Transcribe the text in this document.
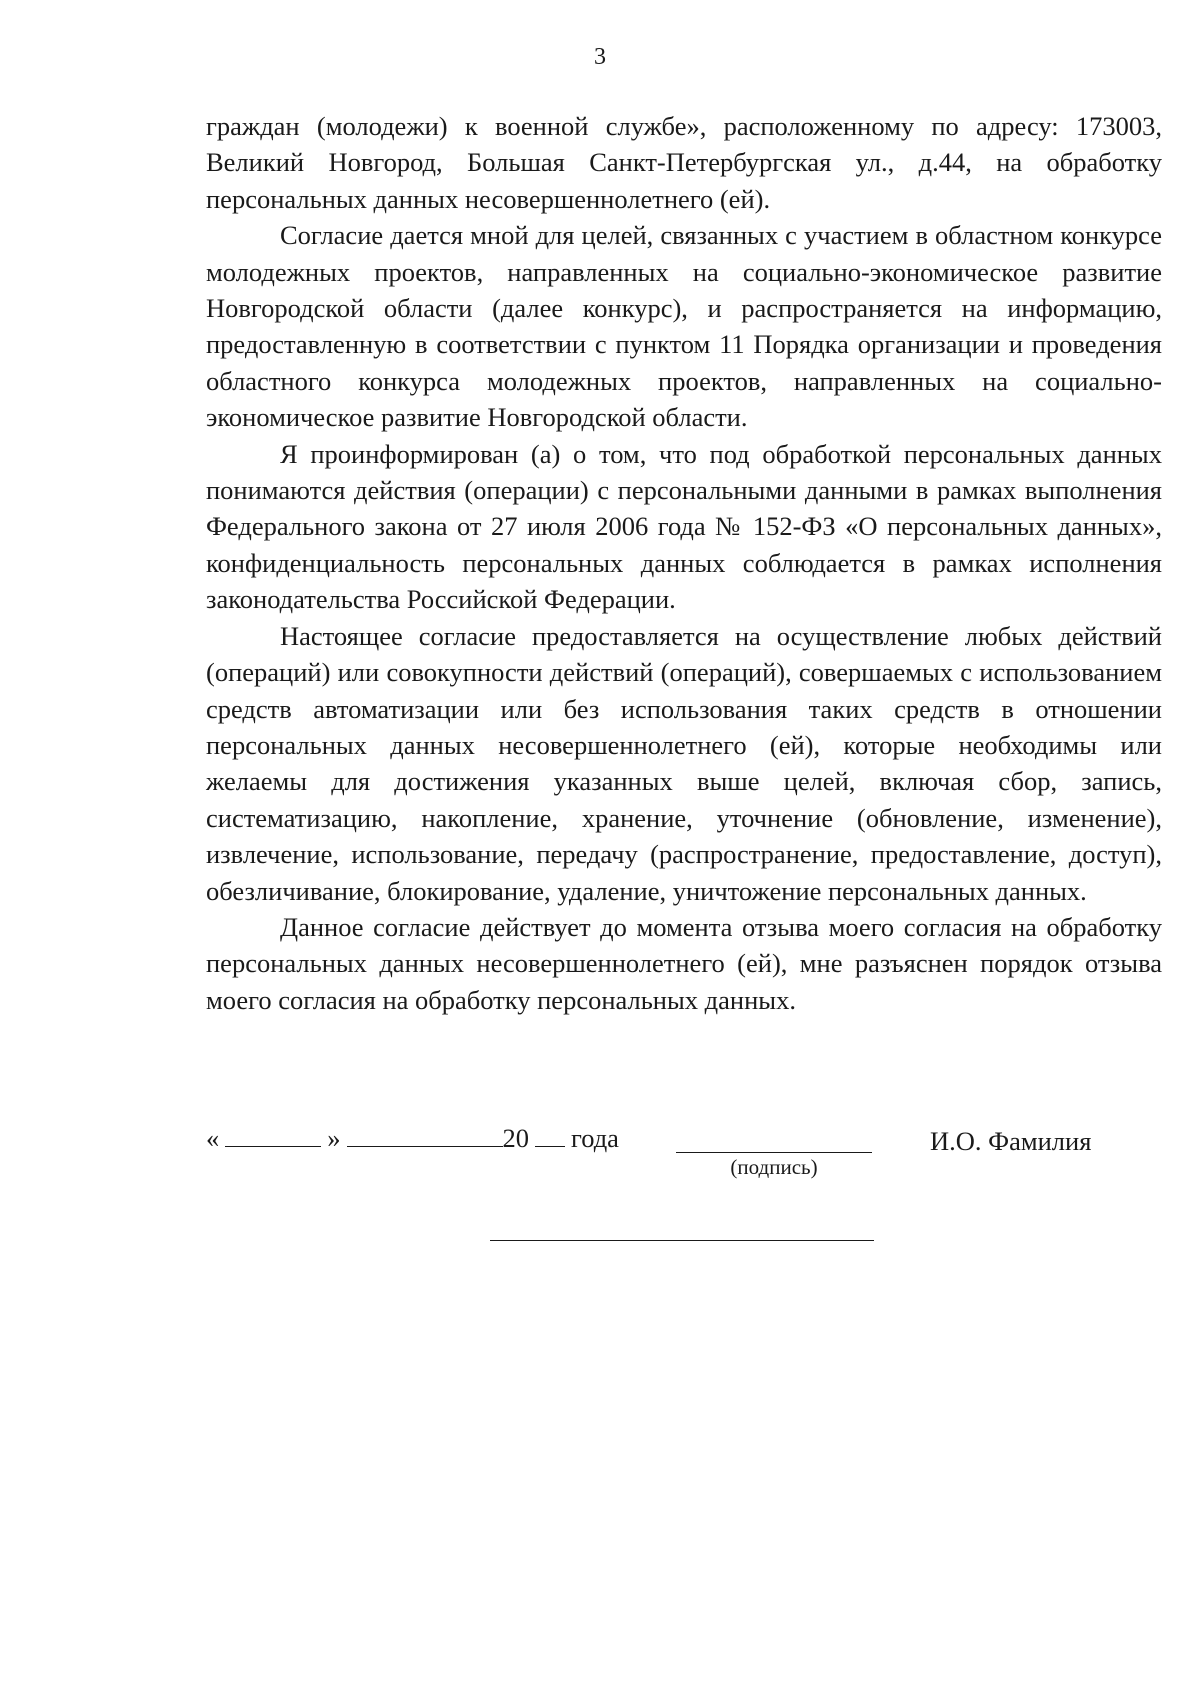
3

граждан (молодежи) к военной службе», расположенному по адресу: 173003, Великий Новгород, Большая Санкт-Петербургская ул., д.44, на обработку персональных данных несовершеннолетнего (ей).

Согласие дается мной для целей, связанных с участием в областном конкурсе молодежных проектов, направленных на социально-экономическое развитие Новгородской области (далее конкурс), и распространяется на информацию, предоставленную в соответствии с пунктом 11 Порядка организации и проведения областного конкурса молодежных проектов, направленных на социально-экономическое развитие Новгородской области.

Я проинформирован (а) о том, что под обработкой персональных данных понимаются действия (операции) с персональными данными в рамках выполнения Федерального закона от 27 июля 2006 года № 152-ФЗ «О персональных данных», конфиденциальность персональных данных соблюдается в рамках исполнения законодательства Российской Федерации.

Настоящее согласие предоставляется на осуществление любых действий (операций) или совокупности действий (операций), совершаемых с использованием средств автоматизации или без использования таких средств в отношении персональных данных несовершеннолетнего (ей), которые необходимы или желаемы для достижения указанных выше целей, включая сбор, запись, систематизацию, накопление, хранение, уточнение (обновление, изменение), извлечение, использование, передачу (распространение, предоставление, доступ), обезличивание, блокирование, удаление, уничтожение персональных данных.

Данное согласие действует до момента отзыва моего согласия на обработку персональных данных несовершеннолетнего (ей), мне разъяснен порядок отзыва моего согласия на обработку персональных данных.

«	»	20 года
(подпись)
И.О. Фамилия
